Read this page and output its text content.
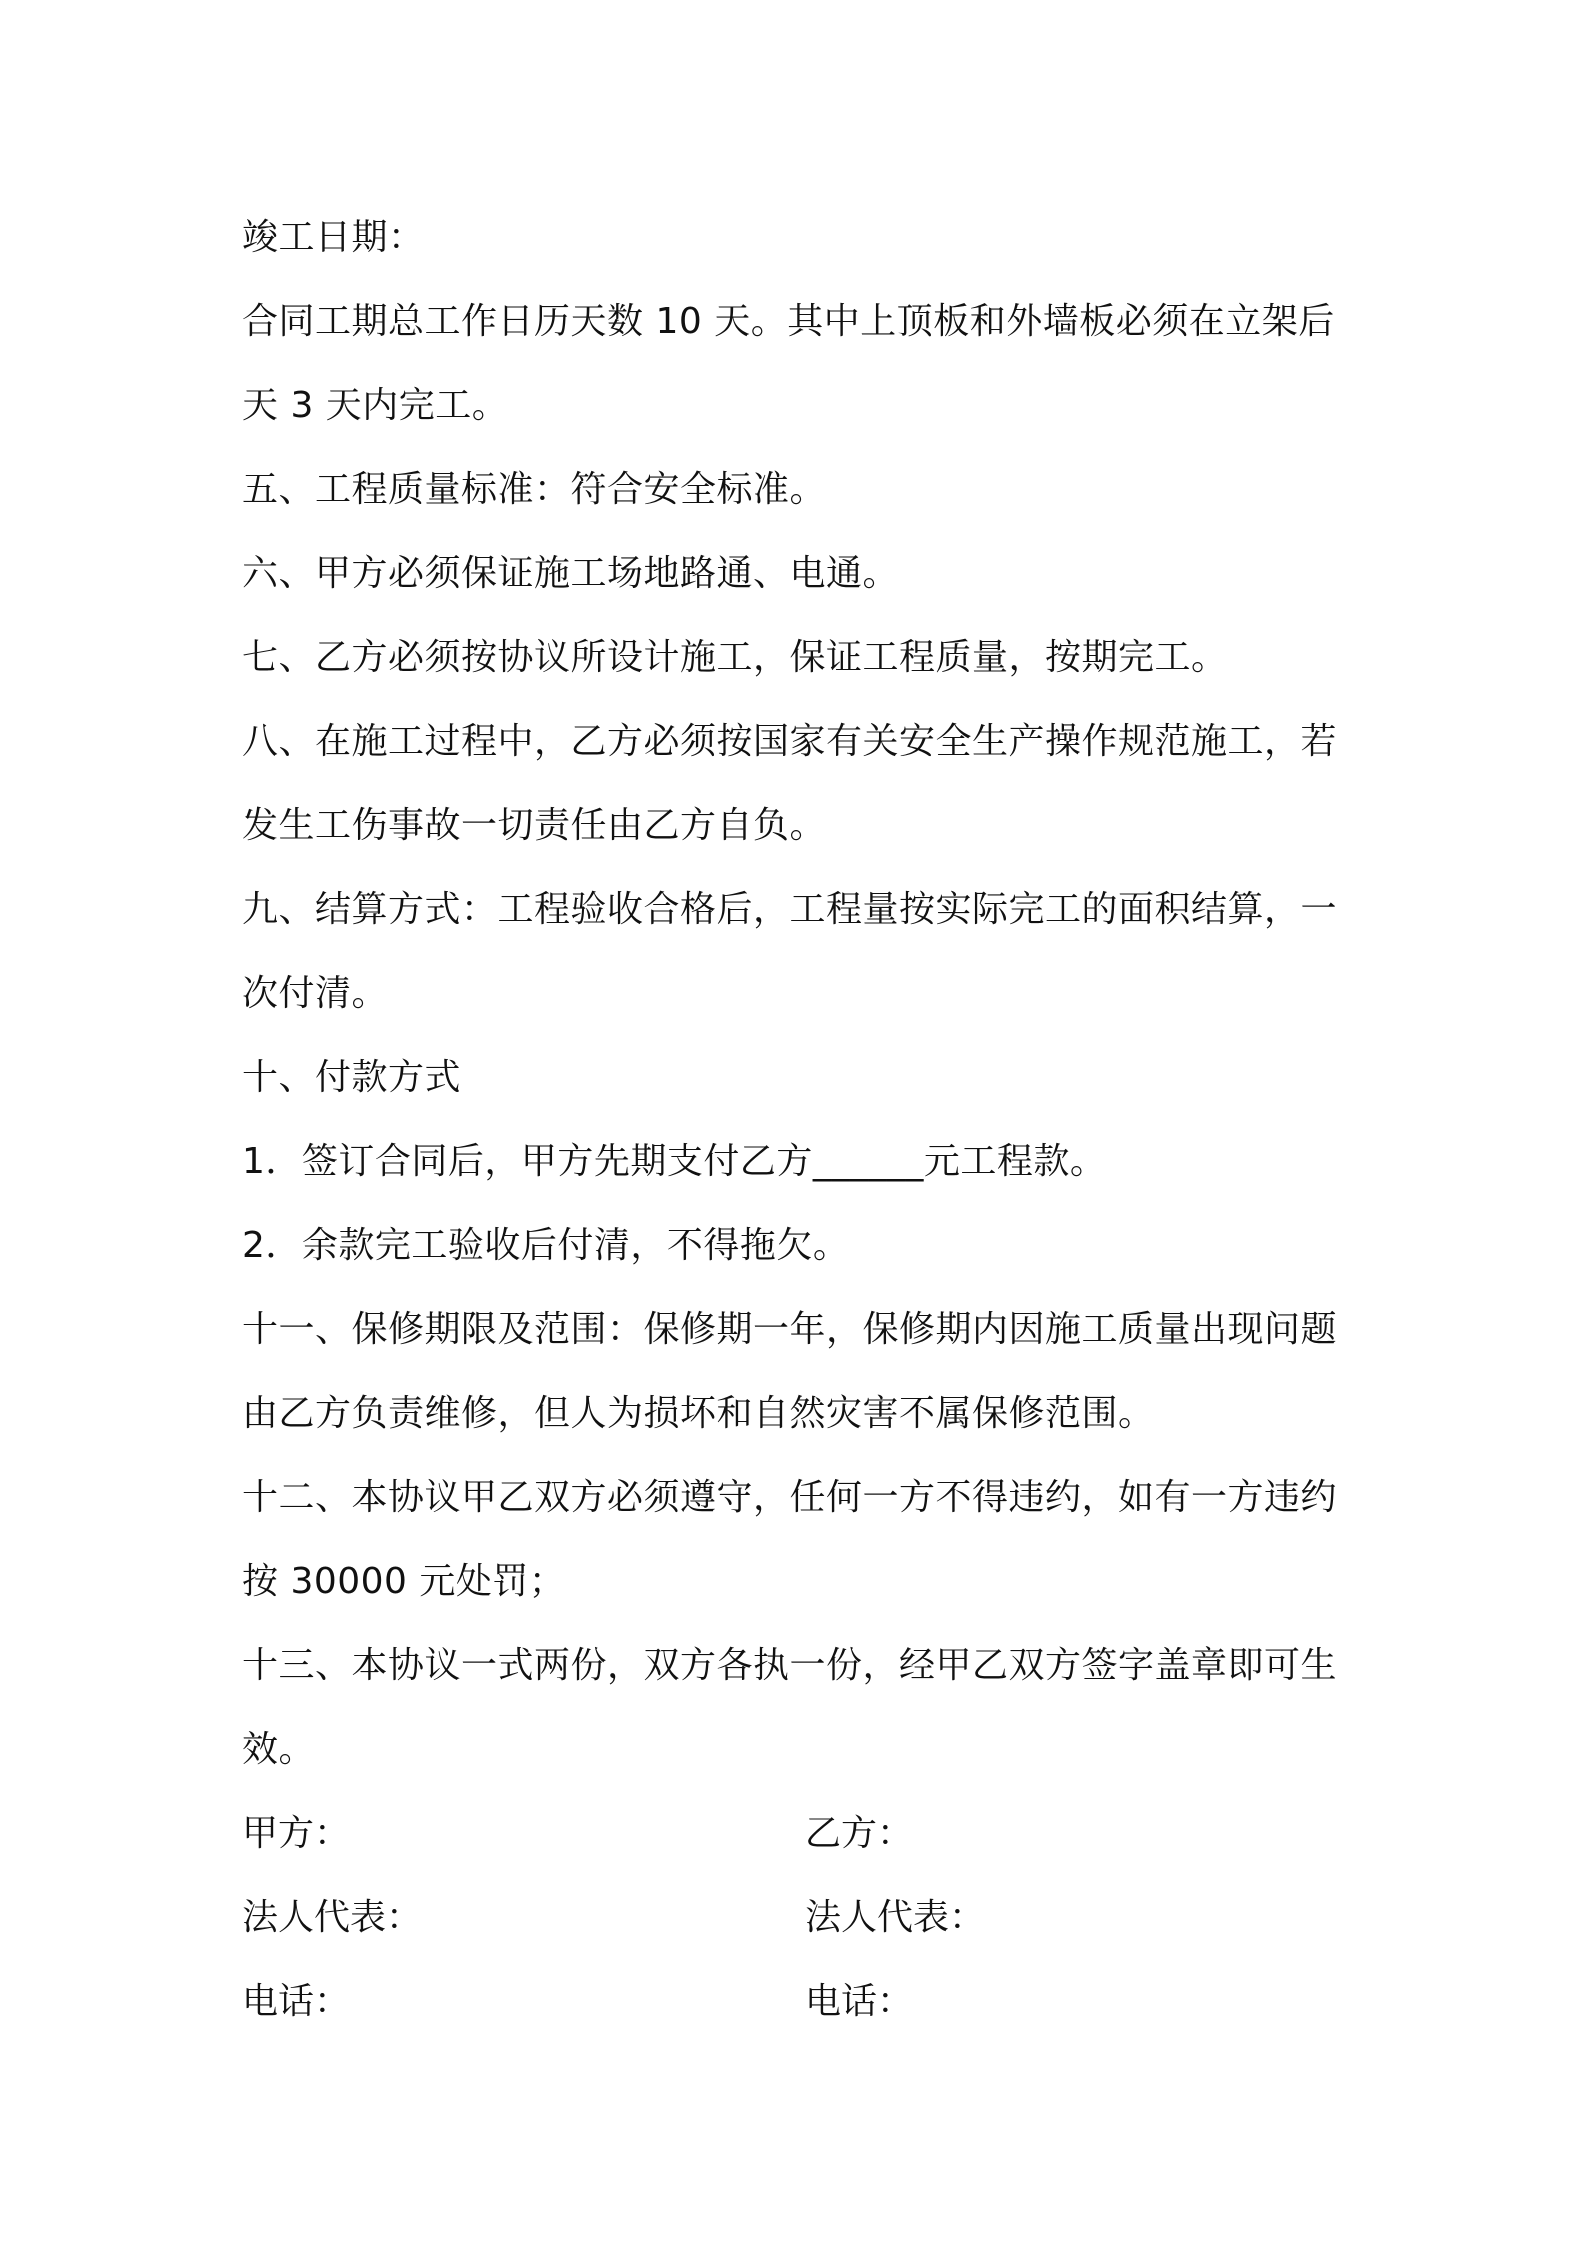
竣工日期：
合同工期总工作日历天数 10 天。其中上顶板和外墙板必须在立架后
天 3 天内完工。
五、工程质量标准：符合安全标准。
六、甲方必须保证施工场地路通、电通。
七、乙方必须按协议所设计施工，保证工程质量，按期完工。
八、在施工过程中，乙方必须按国家有关安全生产操作规范施工，若
发生工伤事故一切责任由乙方自负。
九、结算方式：工程验收合格后，工程量按实际完工的面积结算，一
次付清。
十、付款方式
1．签订合同后，甲方先期支付乙方______元工程款。
2．余款完工验收后付清，不得拖欠。
十一、保修期限及范围：保修期一年，保修期内因施工质量出现问题
由乙方负责维修，但人为损坏和自然灾害不属保修范围。
十二、本协议甲乙双方必须遵守，任何一方不得违约，如有一方违约
按 30000 元处罚；
十三、本协议一式两份，双方各执一份，经甲乙双方签字盖章即可生
效。
甲方：	乙方：
法人代表：	法人代表：
电话：	电话：
